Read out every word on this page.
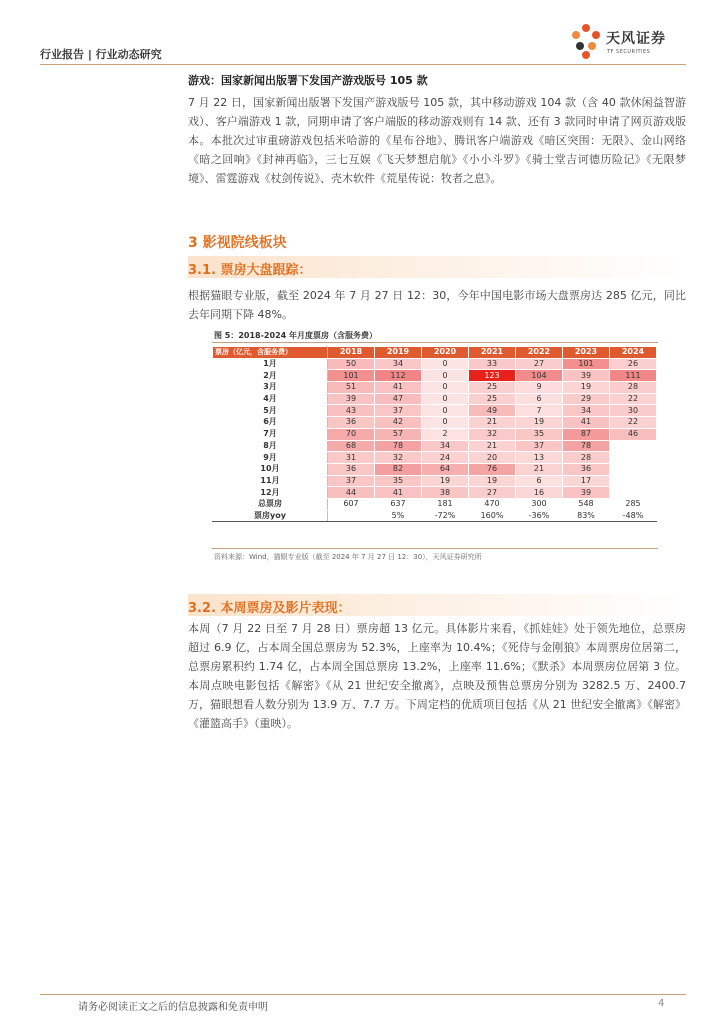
行业报告 | 行业动态研究
天风证券
TF SECURITIES
游戏：国家新闻出版署下发国产游戏版号 105 款
7 月 22 日，国家新闻出版署下发国产游戏版号 105 款，其中移动游戏 104 款（含 40 款休闲益智游戏）、客户端游戏 1 款，同期申请了客户端版的移动游戏则有 14 款、还有 3 款同时申请了网页游戏版本。本批次过审重磅游戏包括米哈游的《星布谷地》、腾讯客户端游戏《暗区突围：无限》、金山网络《暗之回响》《封神再临》，三七互娱《飞天梦想启航》《小小斗罗》《骑士堂吉诃德历险记》《无限梦境》、雷霆游戏《杖剑传说》、壳木软件《荒星传说：牧者之息》。
3 影视院线板块
3.1. 票房大盘跟踪：
根据猫眼专业版，截至 2024 年 7 月 27 日 12：30，今年中国电影市场大盘票房达 285 亿元，同比去年同期下降 48%。
图 5：2018-2024 年月度票房（含服务费）
票房（亿元，含服务费）	2018	2019	2020	2021	2022	2023	2024
1月	50	34	0	33	27	101	26
2月	101	112	0	123	104	39	111
3月	51	41	0	25	9	19	28
4月	39	47	0	25	6	29	22
5月	43	37	0	49	7	34	30
6月	36	42	0	21	19	41	22
7月	70	57	2	32	35	87	46
8月	68	78	34	21	37	78	
9月	31	32	24	20	13	28	
10月	36	82	64	76	21	36	
11月	37	35	19	19	6	17	
12月	44	41	38	27	16	39	
总票房	607	637	181	470	300	548	285
票房yoy		5%	-72%	160%	-36%	83%	-48%
资料来源：Wind，猫眼专业版（截至 2024 年 7 月 27 日 12：30），天风证券研究所
3.2. 本周票房及影片表现：
本周（7 月 22 日至 7 月 28 日）票房超 13 亿元。具体影片来看，《抓娃娃》处于领先地位，总票房超过 6.9 亿，占本周全国总票房为 52.3%，上座率为 10.4%；《死侍与金刚狼》本周票房位居第二，总票房累积约 1.74 亿，占本周全国总票房 13.2%，上座率 11.6%；《默杀》本周票房位居第 3 位。本周点映电影包括《解密》《从 21 世纪安全撤离》，点映及预售总票房分别为 3282.5 万、2400.7 万，猫眼想看人数分别为 13.9 万、7.7 万。下周定档的优质项目包括《从 21 世纪安全撤离》《解密》《灌篮高手》（重映）。
请务必阅读正文之后的信息披露和免责申明	4
